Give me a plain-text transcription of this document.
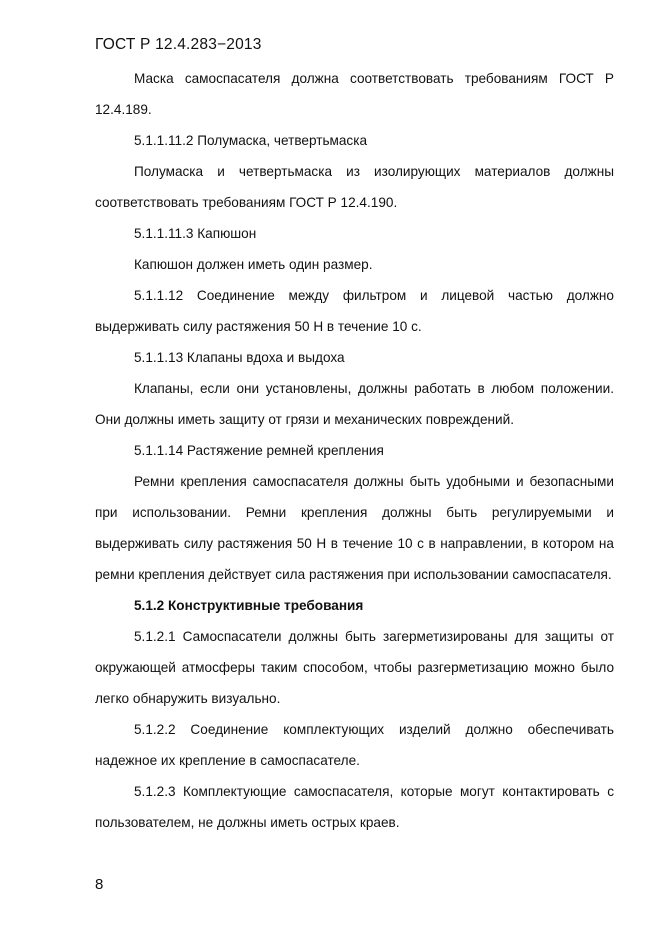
ГОСТ Р 12.4.283−2013

Маска самоспасателя должна соответствовать требованиям ГОСТ Р 12.4.189.

5.1.1.11.2 Полумаска, четвертьмаска

Полумаска и четвертьмаска из изолирующих материалов должны соответствовать требованиям ГОСТ Р 12.4.190.

5.1.1.11.3 Капюшон

Капюшон должен иметь один размер.

5.1.1.12 Соединение между фильтром и лицевой частью должно выдерживать силу растяжения 50 Н в течение 10 с.

5.1.1.13 Клапаны вдоха и выдоха

Клапаны, если они установлены, должны работать в любом положении. Они должны иметь защиту от грязи и механических повреждений.

5.1.1.14 Растяжение ремней крепления

Ремни крепления самоспасателя должны быть удобными и безопасными при использовании. Ремни крепления должны быть регулируемыми и выдерживать силу растяжения 50 Н в течение 10 с в направлении, в котором на ремни крепления действует сила растяжения при использовании самоспасателя.

5.1.2 Конструктивные требования

5.1.2.1 Самоспасатели должны быть загерметизированы для защиты от окружающей атмосферы таким способом, чтобы разгерметизацию можно было легко обнаружить визуально.

5.1.2.2 Соединение комплектующих изделий должно обеспечивать надежное их крепление в самоспасателе.

5.1.2.3 Комплектующие самоспасателя, которые могут контактировать с пользователем, не должны иметь острых краев.

8
